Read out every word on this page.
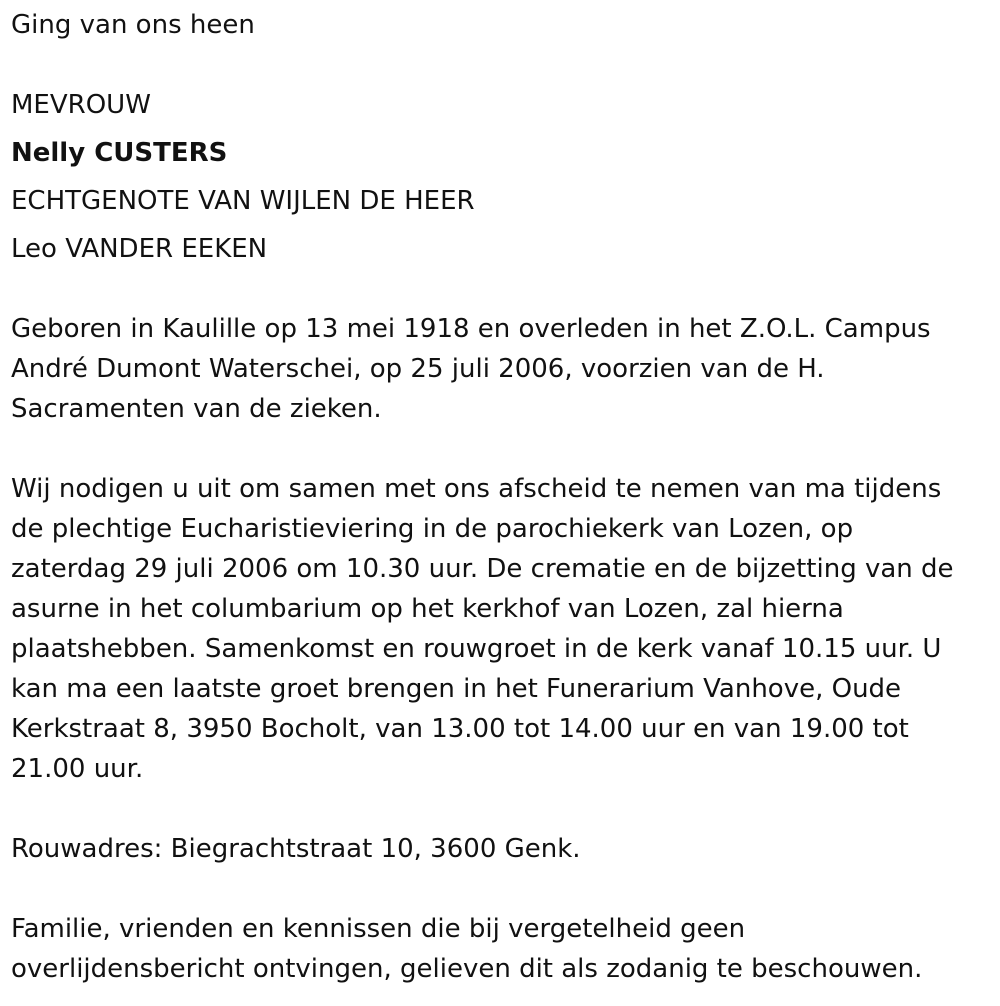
Ging van ons heen
MEVROUW
Nelly CUSTERS
ECHTGENOTE VAN WIJLEN DE HEER
Leo VANDER EEKEN
Geboren in Kaulille op 13 mei 1918 en overleden in het Z.O.L. Campus
André Dumont Waterschei, op 25 juli 2006, voorzien van de H.
Sacramenten van de zieken.
Wij nodigen u uit om samen met ons afscheid te nemen van ma tijdens
de plechtige Eucharistieviering in de parochiekerk van Lozen, op
zaterdag 29 juli 2006 om 10.30 uur. De crematie en de bijzetting van de
asurne in het columbarium op het kerkhof van Lozen, zal hierna
plaatshebben. Samenkomst en rouwgroet in de kerk vanaf 10.15 uur. U
kan ma een laatste groet brengen in het Funerarium Vanhove, Oude
Kerkstraat 8, 3950 Bocholt, van 13.00 tot 14.00 uur en van 19.00 tot
21.00 uur.
Rouwadres: Biegrachtstraat 10, 3600 Genk.
Familie, vrienden en kennissen die bij vergetelheid geen
overlijdensbericht ontvingen, gelieven dit als zodanig te beschouwen.
